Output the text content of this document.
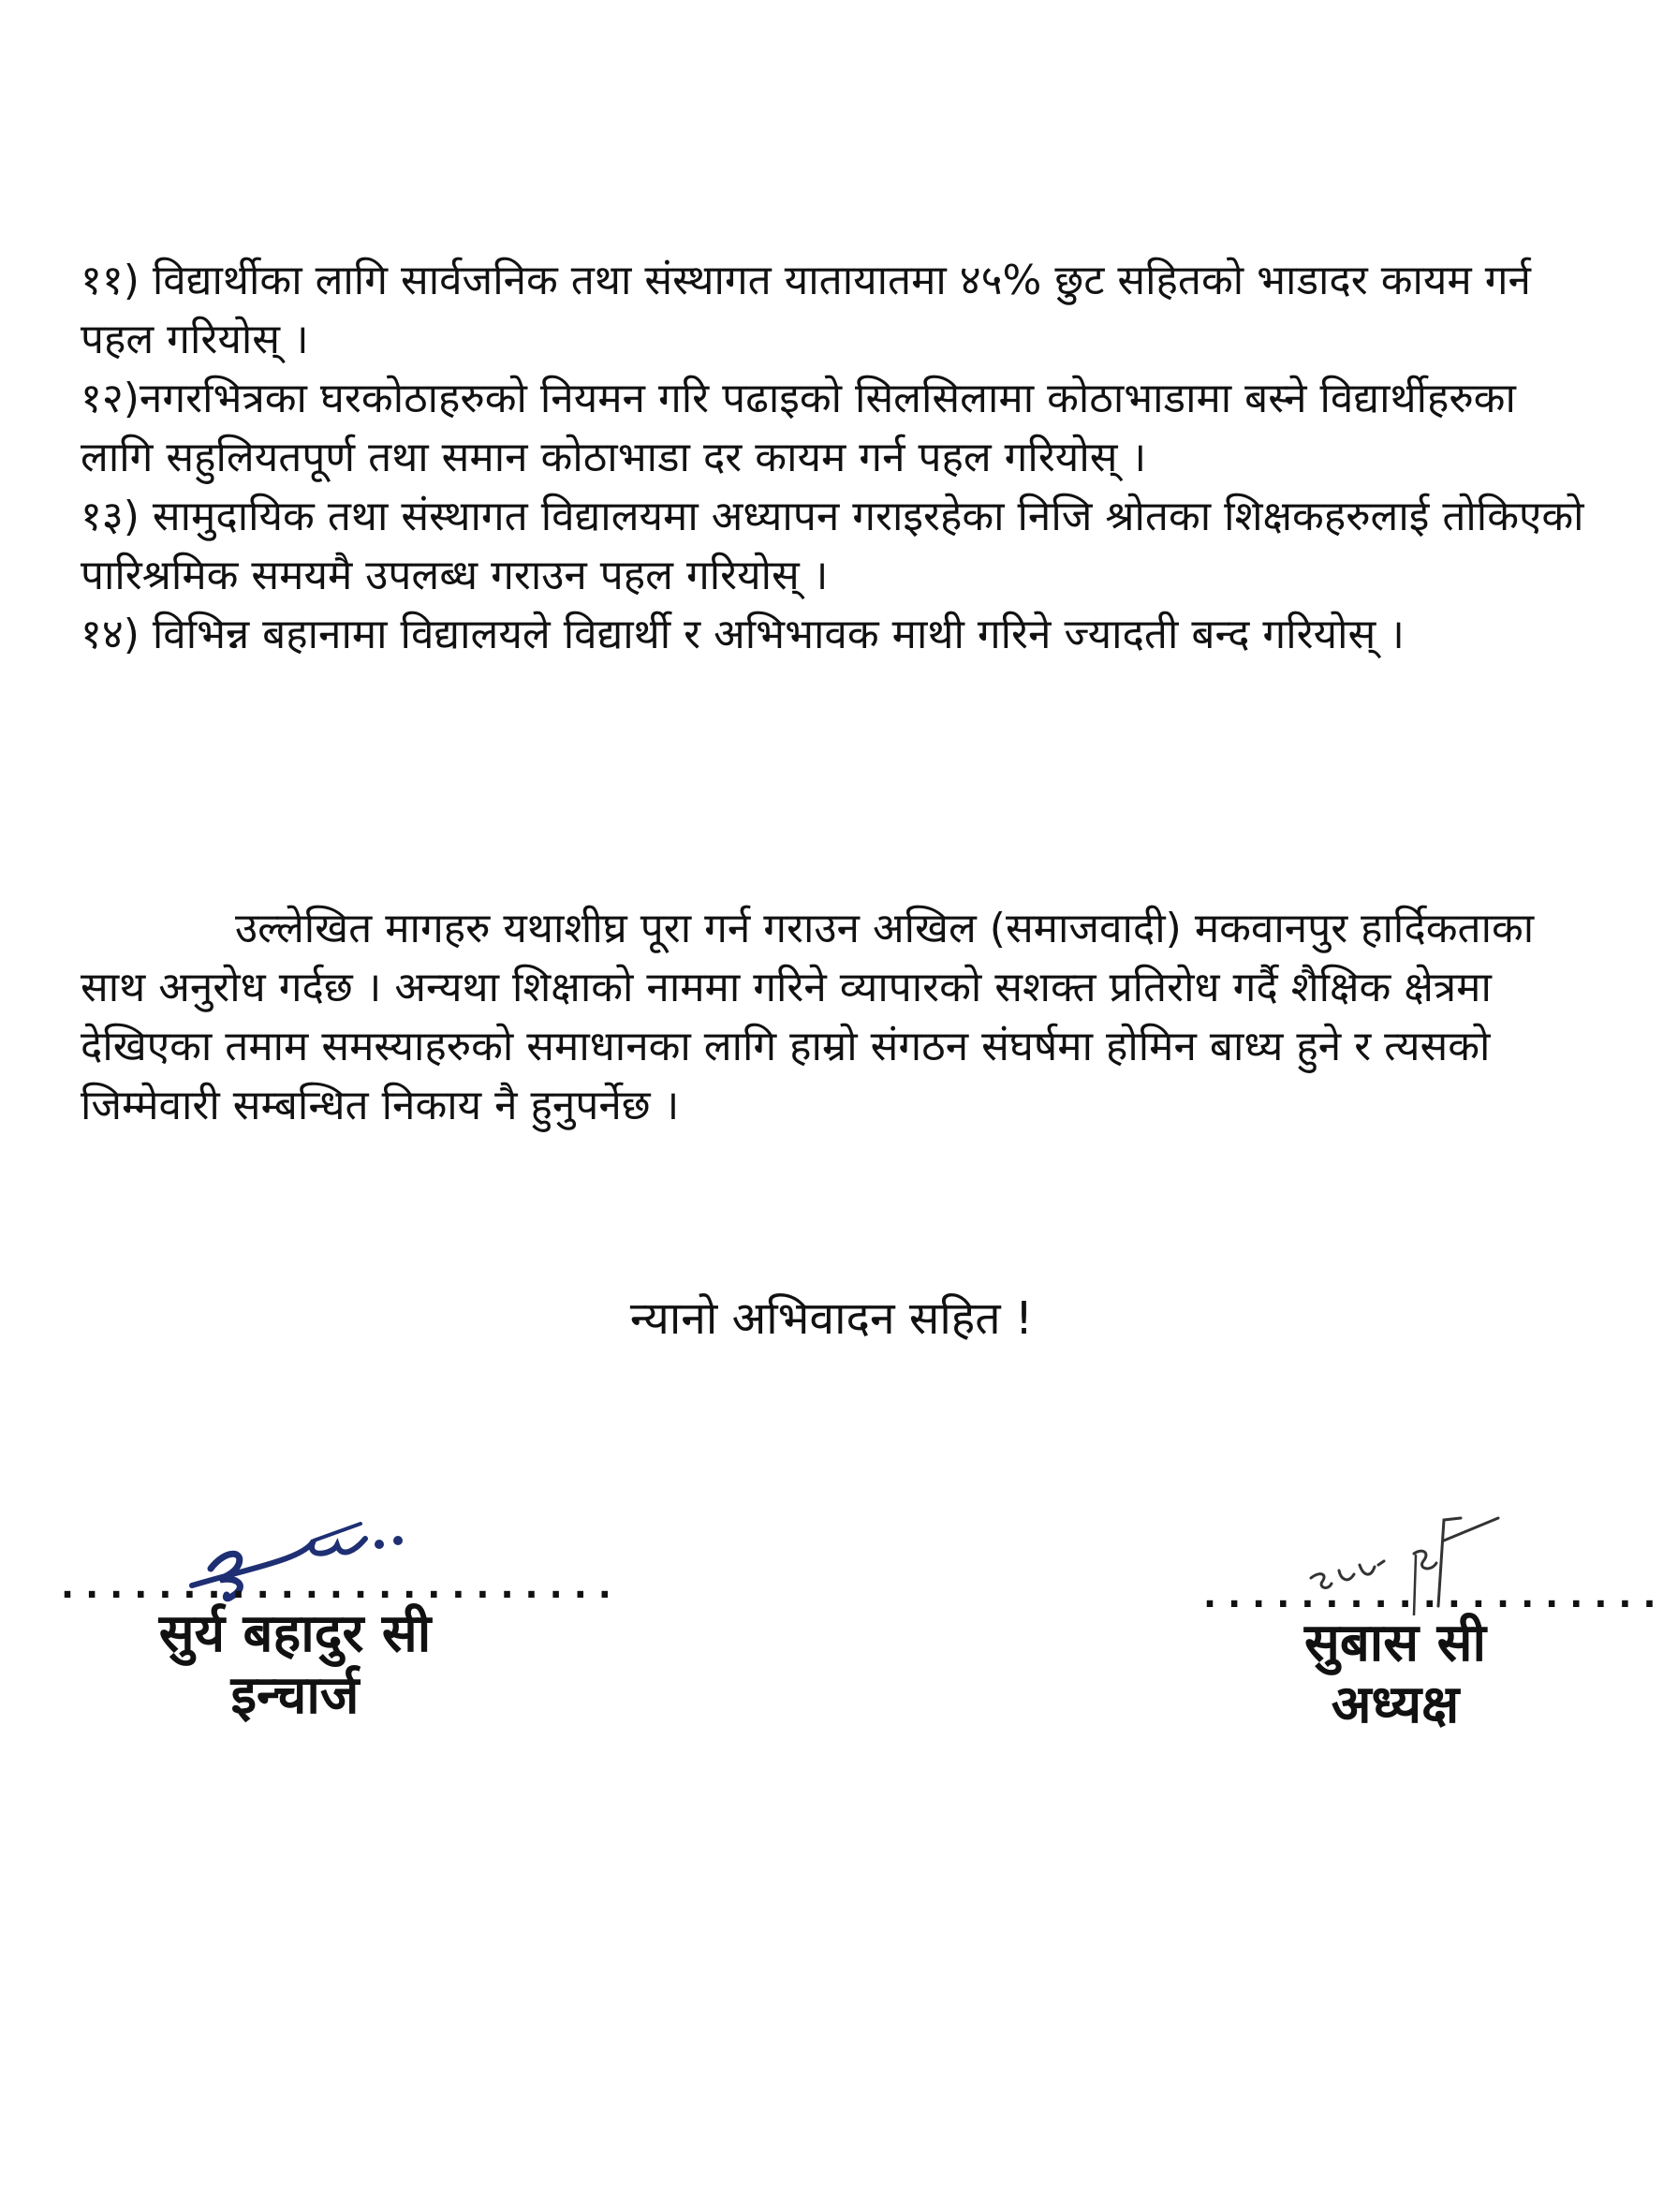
११) विद्यार्थीका लागि सार्वजनिक तथा संस्थागत यातायातमा ४५% छुट सहितको भाडादर कायम गर्न पहल गरियोस् ।

१२)नगरभित्रका घरकोठाहरुको नियमन गरि पढाइको सिलसिलामा कोठाभाडामा बस्ने विद्यार्थीहरुका लागि सहुलियतपूर्ण तथा समान कोठाभाडा दर कायम गर्न पहल गरियोस् ।

१३) सामुदायिक तथा संस्थागत विद्यालयमा अध्यापन गराइरहेका निजि श्रोतका शिक्षकहरुलाई तोकिएको पारिश्रमिक समयमै उपलब्ध गराउन पहल गरियोस् ।

१४) विभिन्न बहानामा विद्यालयले विद्यार्थी र अभिभावक माथी गरिने ज्यादती बन्द गरियोस् ।

उल्लेखित मागहरु यथाशीघ्र पूरा गर्न गराउन अखिल (समाजवादी) मकवानपुर हार्दिकताका साथ अनुरोध गर्दछ । अन्यथा शिक्षाको नाममा गरिने व्यापारको सशक्त प्रतिरोध गर्दै शैक्षिक क्षेत्रमा देखिएका तमाम समस्याहरुको समाधानका लागि हाम्रो संगठन संघर्षमा होमिन बाध्य हुने र त्यसको जिम्मेवारी सम्बन्धित निकाय नै हुनुपर्नेछ ।

न्यानो अभिवादन सहित !

.......................
सुर्य बहादुर सी
इन्चार्ज
...................
सुबास सी
अध्यक्ष
